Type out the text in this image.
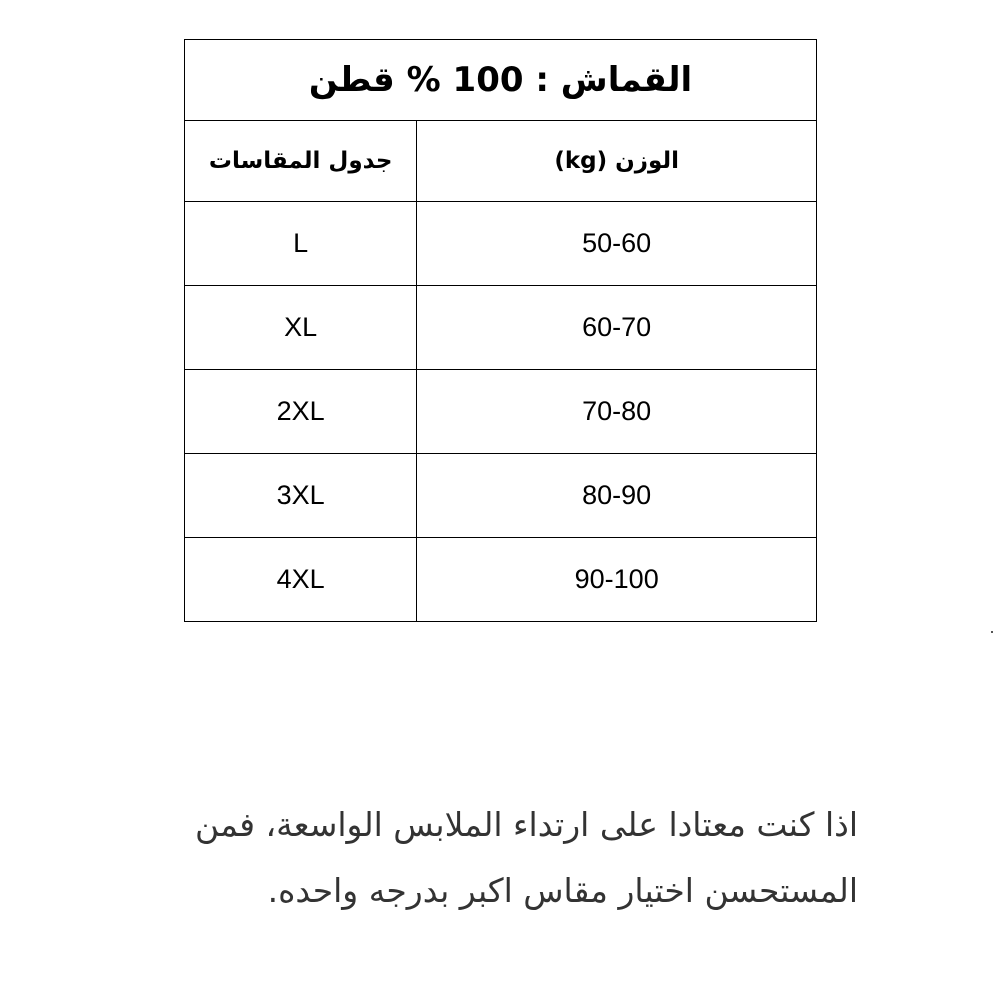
القماش : 100 % قطن	
جدول المقاسات	الوزن (kg)
L	50-60
XL	60-70
2XL	70-80
3XL	80-90
4XL	90-100
اذا كنت معتادا على ارتداء الملابس الواسعة، فمن
المستحسن اختيار مقاس اكبر بدرجه واحده.
